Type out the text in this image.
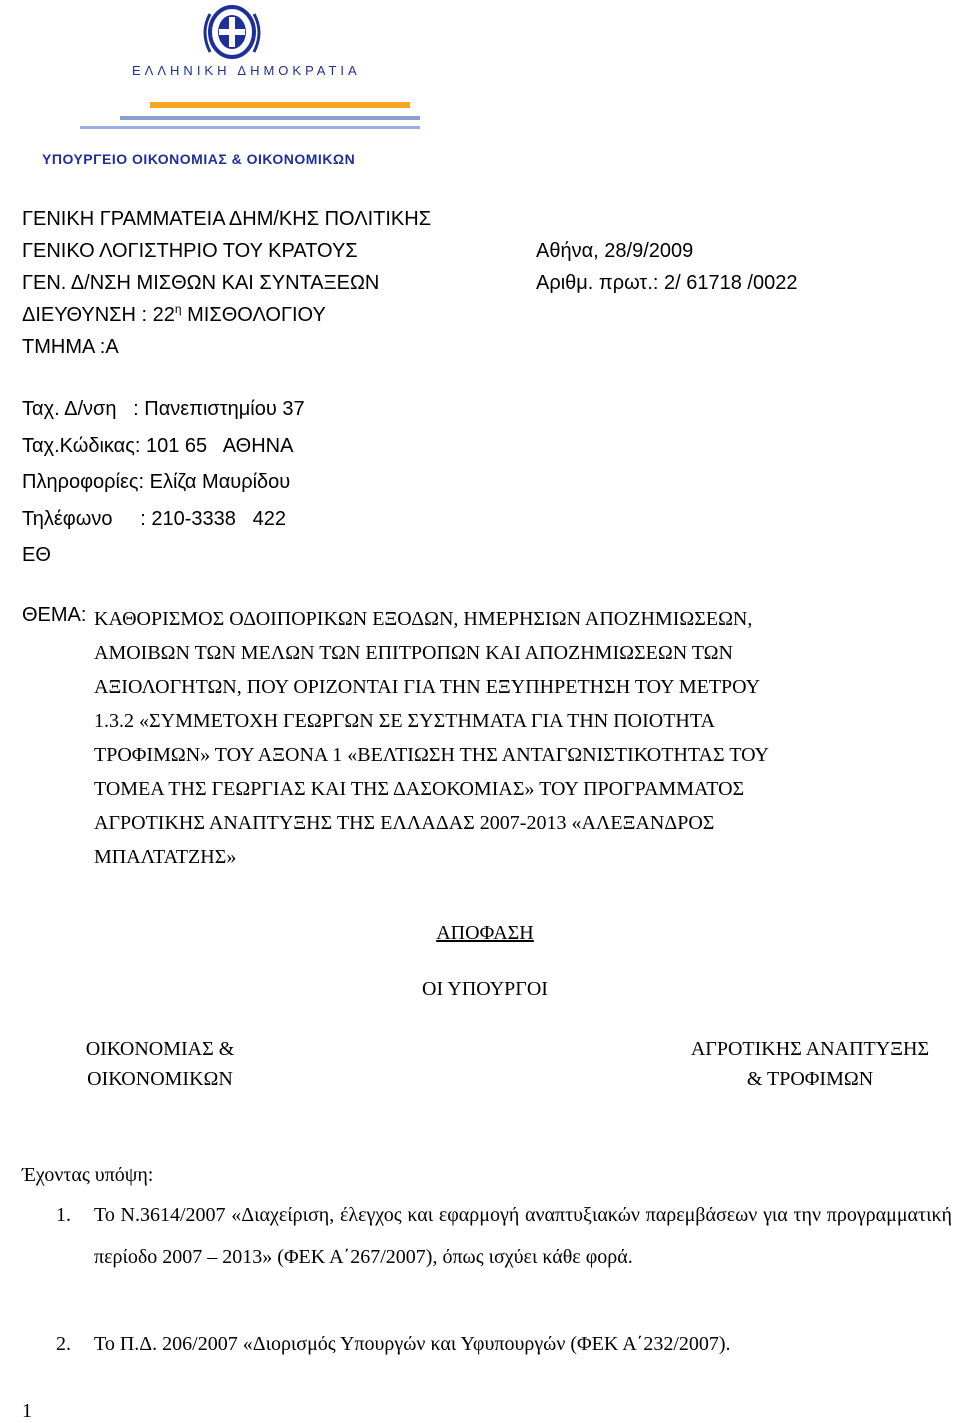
ΕΛΛΗΝΙΚΗ ΔΗΜΟΚΡΑΤΙΑ
ΥΠΟΥΡΓΕΙΟ ΟΙΚΟΝΟΜΙΑΣ & ΟΙΚΟΝΟΜΙΚΩΝ
ΓΕΝΙΚΗ ΓΡΑΜΜΑΤΕΙΑ ΔΗΜ/ΚΗΣ ΠΟΛΙΤΙΚΗΣ
ΓΕΝΙΚΟ ΛΟΓΙΣΤΗΡΙΟ ΤΟΥ ΚΡΑΤΟΥΣ
ΓΕΝ. Δ/ΝΣΗ ΜΙΣΘΩΝ ΚΑΙ ΣΥΝΤΑΞΕΩΝ
ΔΙΕΥΘΥΝΣΗ : $22^\eta$ ΜΙΣΘΟΛΟΓΙΟΥ
ΤΜΗΜΑ :Α
Αθήνα, 28/9/2009
Αριθμ. πρωτ.: 2/ 61718 /0022
Ταχ. Δ/νση   : Πανεπιστημίου 37
Ταχ.Κώδικας: 101 65   ΑΘΗΝΑ
Πληροφορίες: Ελίζα Μαυρίδου
Τηλέφωνο     : 210-3338   422
ΕΘ
ΘΕΜΑ: ΚΑΘΟΡΙΣΜΟΣ ΟΔΟΙΠΟΡΙΚΩΝ ΕΞΟΔΩΝ, ΗΜΕΡΗΣΙΩΝ ΑΠΟΖΗΜΙΩΣΕΩΝ,
ΑΜΟΙΒΩΝ ΤΩΝ ΜΕΛΩΝ ΤΩΝ ΕΠΙΤΡΟΠΩΝ ΚΑΙ ΑΠΟΖΗΜΙΩΣΕΩΝ ΤΩΝ
ΑΞΙΟΛΟΓΗΤΩΝ, ΠΟΥ ΟΡΙΖΟΝΤΑΙ ΓΙΑ ΤΗΝ ΕΞΥΠΗΡΕΤΗΣΗ ΤΟΥ ΜΕΤΡΟΥ
1.3.2 «ΣΥΜΜΕΤΟΧΗ ΓΕΩΡΓΩΝ ΣΕ ΣΥΣΤΗΜΑΤΑ ΓΙΑ ΤΗΝ ΠΟΙΟΤΗΤΑ
ΤΡΟΦΙΜΩΝ» ΤΟΥ ΑΞΟΝΑ 1 «ΒΕΛΤΙΩΣΗ ΤΗΣ ΑΝΤΑΓΩΝΙΣΤΙΚΟΤΗΤΑΣ ΤΟΥ
ΤΟΜΕΑ ΤΗΣ ΓΕΩΡΓΙΑΣ ΚΑΙ ΤΗΣ ΔΑΣΟΚΟΜΙΑΣ» ΤΟΥ ΠΡΟΓΡΑΜΜΑΤΟΣ
ΑΓΡΟΤΙΚΗΣ ΑΝΑΠΤΥΞΗΣ ΤΗΣ ΕΛΛΑΔΑΣ 2007-2013 «ΑΛΕΞΑΝΔΡΟΣ
ΜΠΑΛΤΑΤΖΗΣ»
ΑΠΟΦΑΣΗ
ΟΙ ΥΠΟΥΡΓΟΙ
ΟΙΚΟΝΟΜΙΑΣ &
ΟΙΚΟΝΟΜΙΚΩΝ
ΑΓΡΟΤΙΚΗΣ ΑΝΑΠΤΥΞΗΣ
& ΤΡΟΦΙΜΩΝ
Έχοντας υπόψη:
1. Το Ν.3614/2007 «Διαχείριση, έλεγχος και εφαρμογή αναπτυξιακών παρεμβάσεων για την προγραμματική περίοδο 2007 – 2013» (ΦΕΚ Α΄267/2007), όπως ισχύει κάθε φορά.
2. Το Π.Δ. 206/2007 «Διορισμός Υπουργών και Υφυπουργών (ΦΕΚ Α΄232/2007).
1
